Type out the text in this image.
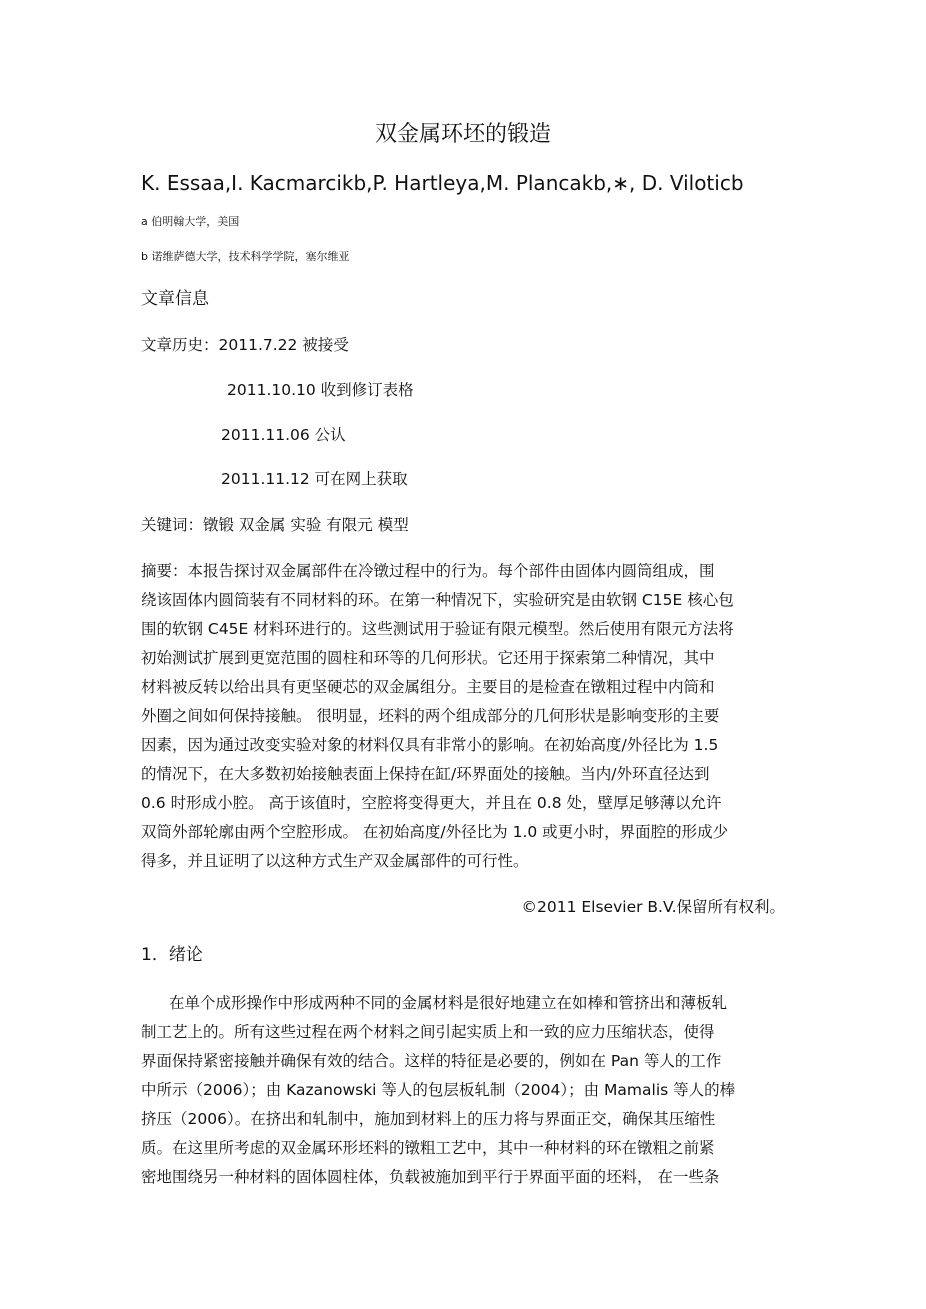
双金属环坯的锻造
K. Essaa,I. Kacmarcikb,P. Hartleya,M. Plancakb,∗, D. Viloticb
a 伯明翰大学，美国
b 诺维萨德大学，技术科学学院，塞尔维亚
文章信息
文章历史：2011.7.22 被接受
2011.10.10 收到修订表格
2011.11.06 公认
2011.11.12 可在网上获取
关键词：镦锻 双金属 实验 有限元 模型
摘要：本报告探讨双金属部件在冷镦过程中的行为。每个部件由固体内圆筒组成，围
绕该固体内圆筒装有不同材料的环。在第一种情况下，实验研究是由软钢 C15E 核心包
围的软钢 C45E 材料环进行的。这些测试用于验证有限元模型。然后使用有限元方法将
初始测试扩展到更宽范围的圆柱和环等的几何形状。它还用于探索第二种情况，其中
材料被反转以给出具有更坚硬芯的双金属组分。主要目的是检查在镦粗过程中内筒和
外圈之间如何保持接触。 很明显，坯料的两个组成部分的几何形状是影响变形的主要
因素，因为通过改变实验对象的材料仅具有非常小的影响。在初始高度/外径比为 1.5
的情况下，在大多数初始接触表面上保持在缸/环界面处的接触。当内/外环直径达到
0.6 时形成小腔。 高于该值时，空腔将变得更大，并且在 0.8 处，壁厚足够薄以允许
双筒外部轮廓由两个空腔形成。 在初始高度/外径比为 1.0 或更小时，界面腔的形成少
得多，并且证明了以这种方式生产双金属部件的可行性。
©2011 Elsevier B.V.保留所有权利。
1．绪论
在单个成形操作中形成两种不同的金属材料是很好地建立在如棒和管挤出和薄板轧
制工艺上的。所有这些过程在两个材料之间引起实质上和一致的应力压缩状态，使得
界面保持紧密接触并确保有效的结合。这样的特征是必要的，例如在 Pan 等人的工作
中所示（2006）；由 Kazanowski 等人的包层板轧制（2004）；由 Mamalis 等人的棒
挤压（2006）。在挤出和轧制中，施加到材料上的压力将与界面正交，确保其压缩性
质。在这里所考虑的双金属环形坯料的镦粗工艺中，其中一种材料的环在镦粗之前紧
密地围绕另一种材料的固体圆柱体，负载被施加到平行于界面平面的坯料， 在一些条
